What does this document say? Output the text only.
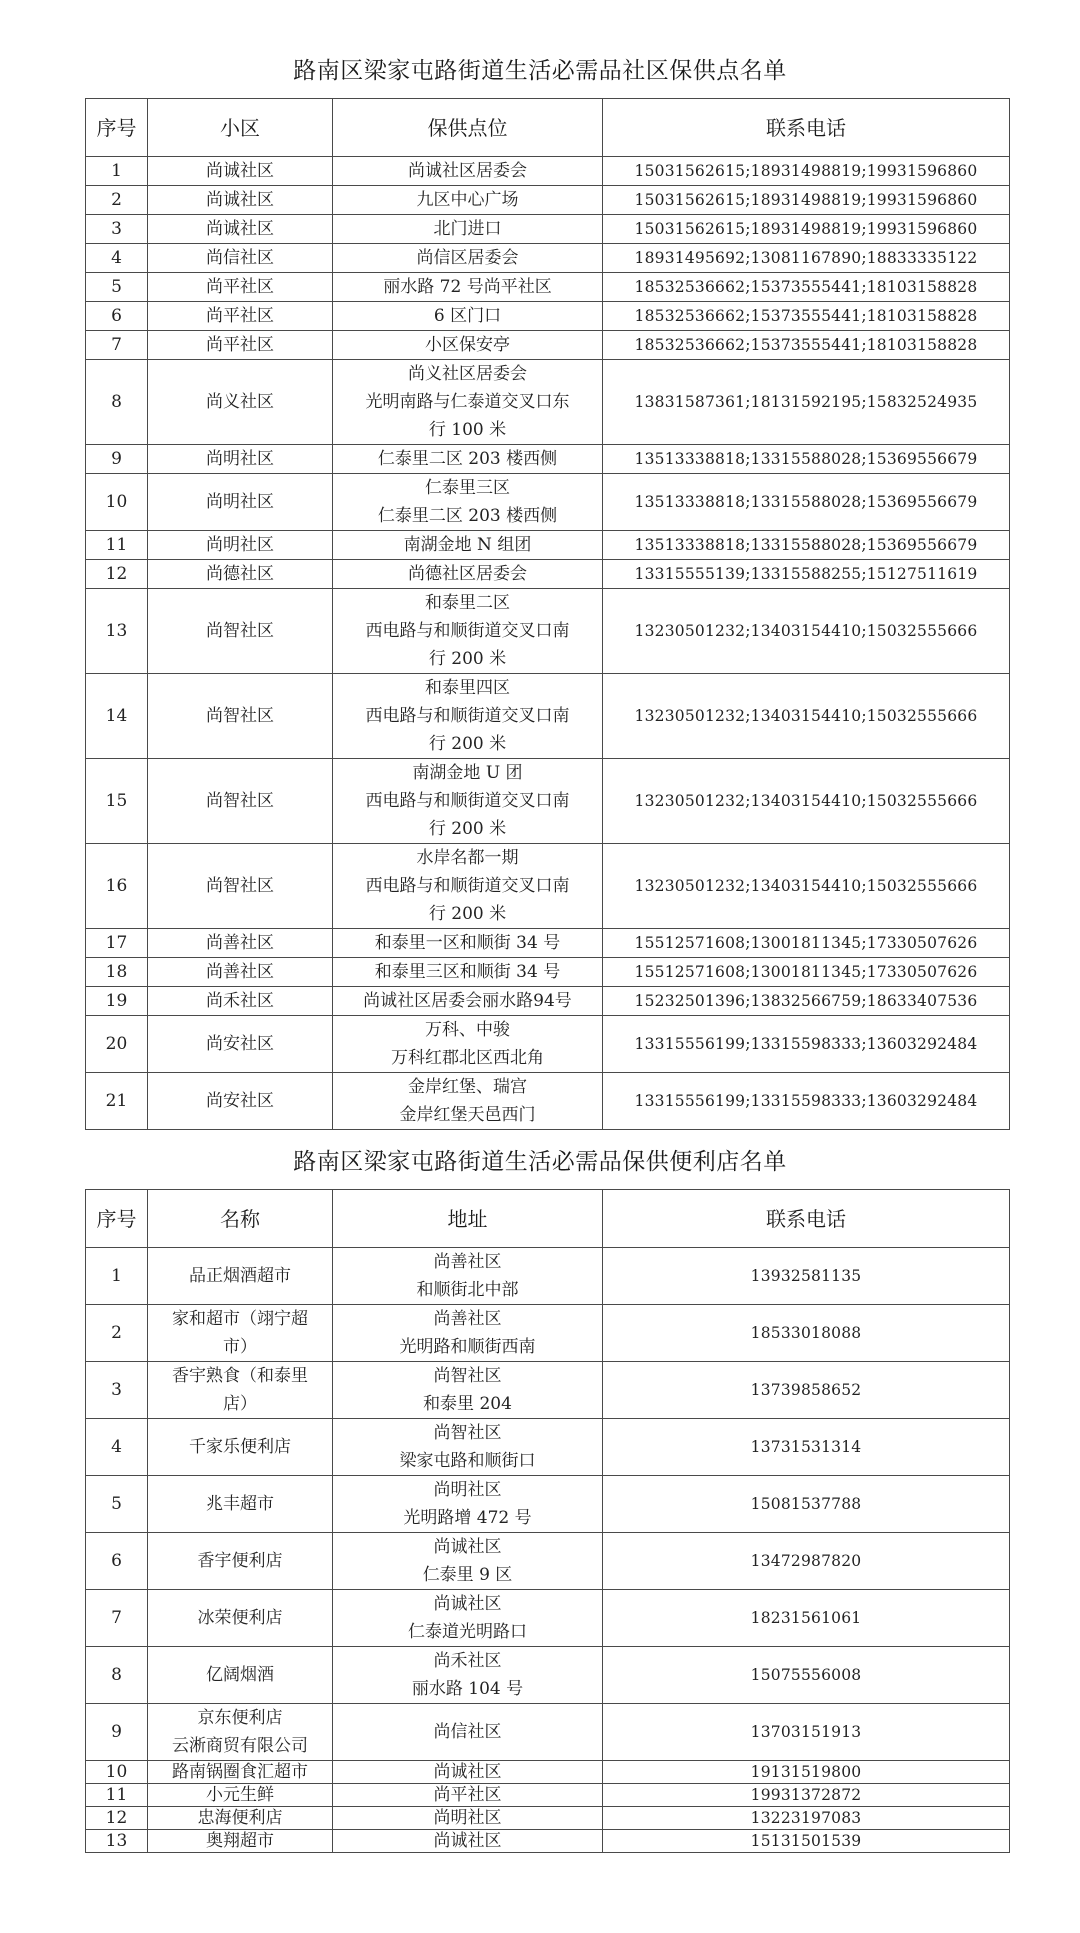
路南区梁家屯路街道生活必需品社区保供点名单
序号	小区	保供点位	联系电话
1	尚诚社区	尚诚社区居委会	15031562615;18931498819;19931596860
2	尚诚社区	九区中心广场	15031562615;18931498819;19931596860
3	尚诚社区	北门进口	15031562615;18931498819;19931596860
4	尚信社区	尚信区居委会	18931495692;13081167890;18833335122
5	尚平社区	丽水路 72 号尚平社区	18532536662;15373555441;18103158828
6	尚平社区	6 区门口	18532536662;15373555441;18103158828
7	尚平社区	小区保安亭	18532536662;15373555441;18103158828
8	尚义社区	尚义社区居委会
光明南路与仁泰道交叉口东
行 100 米	13831587361;18131592195;15832524935
9	尚明社区	仁泰里二区 203 楼西侧	13513338818;13315588028;15369556679
10	尚明社区	仁泰里三区
仁泰里二区 203 楼西侧	13513338818;13315588028;15369556679
11	尚明社区	南湖金地 N 组团	13513338818;13315588028;15369556679
12	尚德社区	尚德社区居委会	13315555139;13315588255;15127511619
13	尚智社区	和泰里二区
西电路与和顺街道交叉口南
行 200 米	13230501232;13403154410;15032555666
14	尚智社区	和泰里四区
西电路与和顺街道交叉口南
行 200 米	13230501232;13403154410;15032555666
15	尚智社区	南湖金地 U 团
西电路与和顺街道交叉口南
行 200 米	13230501232;13403154410;15032555666
16	尚智社区	水岸名都一期
西电路与和顺街道交叉口南
行 200 米	13230501232;13403154410;15032555666
17	尚善社区	和泰里一区和顺街 34 号	15512571608;13001811345;17330507626
18	尚善社区	和泰里三区和顺街 34 号	15512571608;13001811345;17330507626
19	尚禾社区	尚诚社区居委会丽水路94号	15232501396;13832566759;18633407536
20	尚安社区	万科、中骏
万科红郡北区西北角	13315556199;13315598333;13603292484
21	尚安社区	金岸红堡、瑞宫
金岸红堡天邑西门	13315556199;13315598333;13603292484
路南区梁家屯路街道生活必需品保供便利店名单
序号	名称	地址	联系电话
1	品正烟酒超市	尚善社区
和顺街北中部	13932581135
2	家和超市（翊宁超
市）	尚善社区
光明路和顺街西南	18533018088
3	香宇熟食（和泰里
店）	尚智社区
和泰里 204	13739858652
4	千家乐便利店	尚智社区
梁家屯路和顺街口	13731531314
5	兆丰超市	尚明社区
光明路增 472 号	15081537788
6	香宇便利店	尚诚社区
仁泰里 9 区	13472987820
7	冰荣便利店	尚诚社区
仁泰道光明路口	18231561061
8	亿阔烟酒	尚禾社区
丽水路 104 号	15075556008
9	京东便利店
云淅商贸有限公司	尚信社区	13703151913
10	路南锅圈食汇超市	尚诚社区	19131519800
11	小元生鲜	尚平社区	19931372872
12	忠海便利店	尚明社区	13223197083
13	奥翔超市	尚诚社区	15131501539
